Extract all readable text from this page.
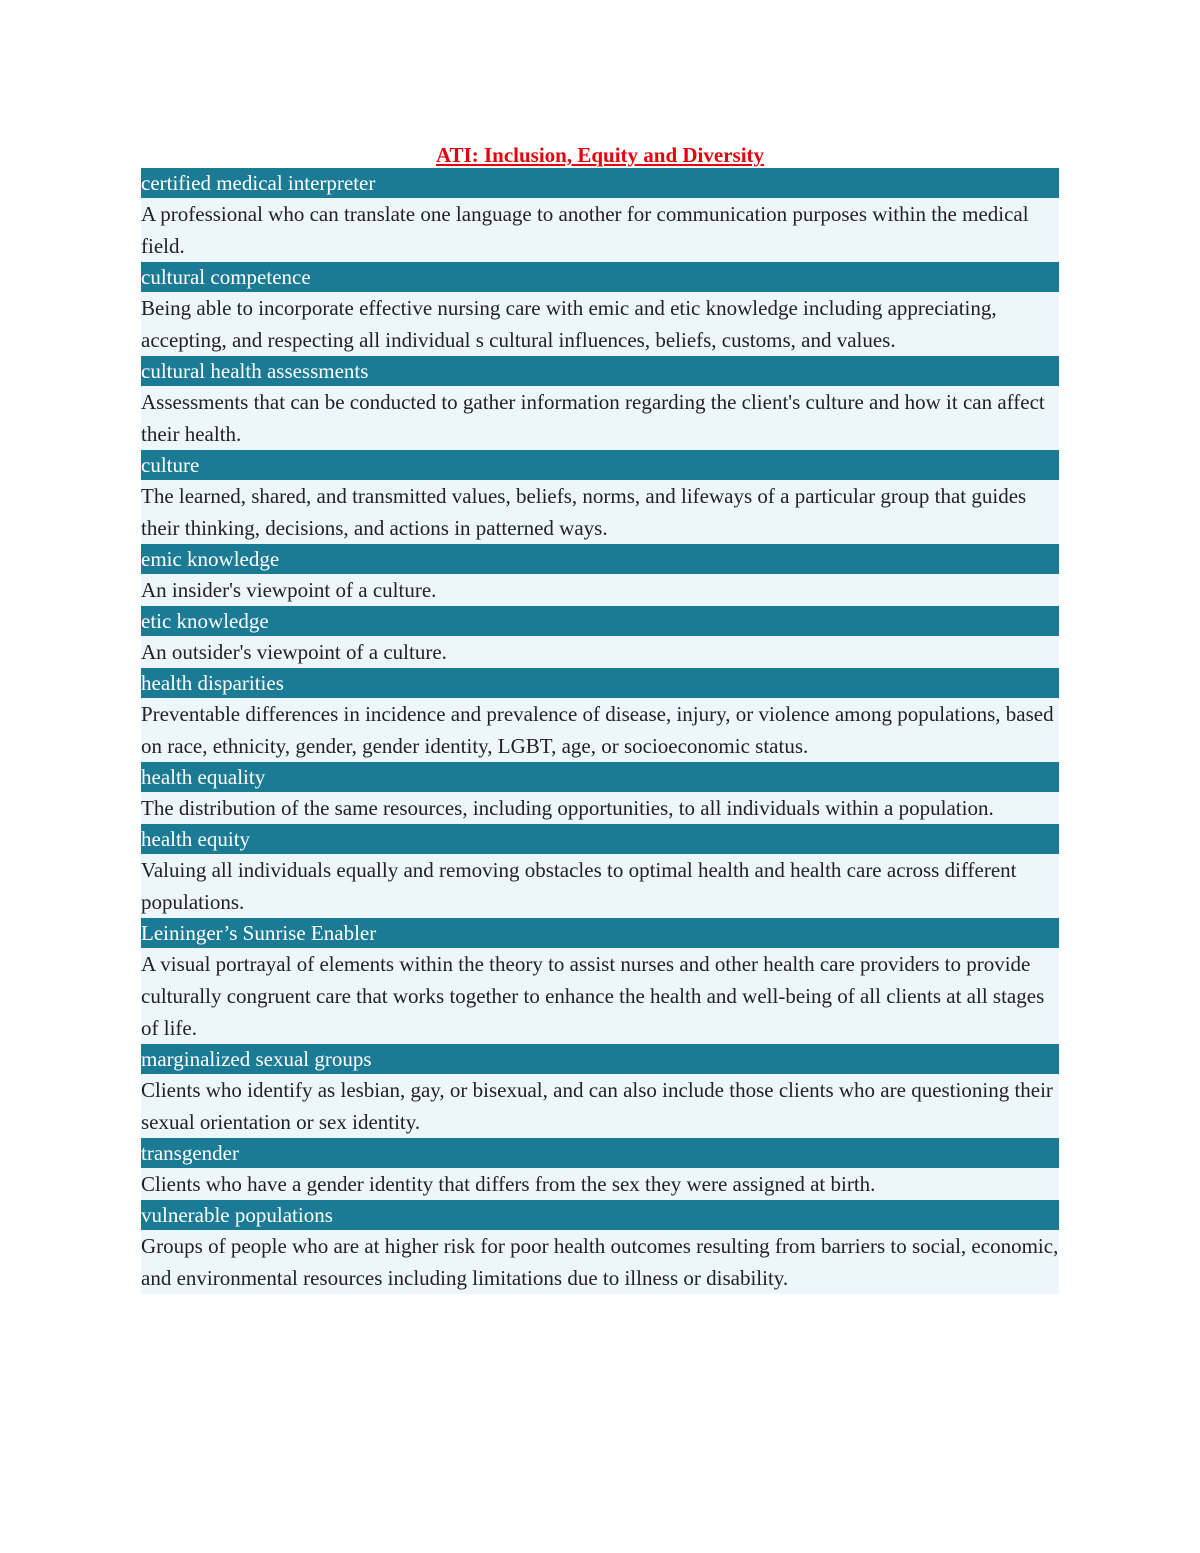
ATI: Inclusion, Equity and Diversity
certified medical interpreter
A professional who can translate one language to another for communication purposes within the medical field.
cultural competence
Being able to incorporate effective nursing care with emic and etic knowledge including appreciating, accepting, and respecting all individual s cultural influences, beliefs, customs, and values.
cultural health assessments
Assessments that can be conducted to gather information regarding the client's culture and how it can affect their health.
culture
The learned, shared, and transmitted values, beliefs, norms, and lifeways of a particular group that guides their thinking, decisions, and actions in patterned ways.
emic knowledge
An insider's viewpoint of a culture.
etic knowledge
An outsider's viewpoint of a culture.
health disparities
Preventable differences in incidence and prevalence of disease, injury, or violence among populations, based on race, ethnicity, gender, gender identity, LGBT, age, or socioeconomic status.
health equality
The distribution of the same resources, including opportunities, to all individuals within a population.
health equity
Valuing all individuals equally and removing obstacles to optimal health and health care across different populations.
Leininger’s Sunrise Enabler
A visual portrayal of elements within the theory to assist nurses and other health care providers to provide culturally congruent care that works together to enhance the health and well-being of all clients at all stages of life.
marginalized sexual groups
Clients who identify as lesbian, gay, or bisexual, and can also include those clients who are questioning their sexual orientation or sex identity.
transgender
Clients who have a gender identity that differs from the sex they were assigned at birth.
vulnerable populations
Groups of people who are at higher risk for poor health outcomes resulting from barriers to social, economic, and environmental resources including limitations due to illness or disability.
